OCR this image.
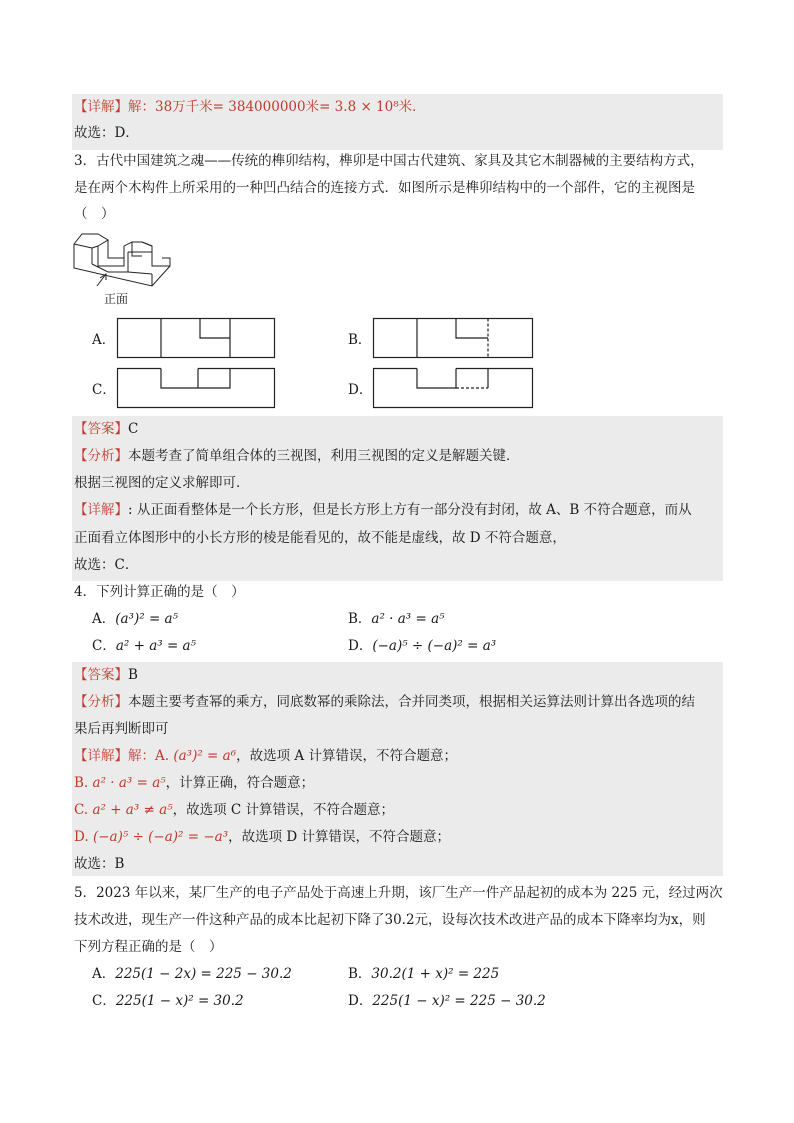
【详解】解：38万千米= 384000000米= 3.8 × 10⁸米．
故选：D．
3．古代中国建筑之魂——传统的榫卯结构，榫卯是中国古代建筑、家具及其它木制器械的主要结构方式，
是在两个木构件上所采用的一种凹凸结合的连接方式．如图所示是榫卯结构中的一个部件，它的主视图是
（　）
正面
A．	B．
C．	D．
【答案】C
【分析】本题考查了简单组合体的三视图，利用三视图的定义是解题关键．
根据三视图的定义求解即可．
【详解】: 从正面看整体是一个长方形，但是长方形上方有一部分没有封闭，故 A、B 不符合题意，而从
正面看立体图形中的小长方形的棱是能看见的，故不能是虚线，故 D 不符合题意，
故选：C．
4．下列计算正确的是（　）
A．(a³)² = a⁵	B．a² · a³ = a⁵
C．a² + a³ = a⁵	D．(−a)⁵ ÷ (−a)² = a³
【答案】B
【分析】本题主要考查幂的乘方，同底数幂的乘除法，合并同类项，根据相关运算法则计算出各选项的结
果后再判断即可
【详解】解：A. (a³)² = a⁶，故选项 A 计算错误，不符合题意；
B. a² · a³ = a⁵，计算正确，符合题意；
C. a² + a³ ≠ a⁵，故选项 C 计算错误，不符合题意；
D. (−a)⁵ ÷ (−a)² = −a³，故选项 D 计算错误，不符合题意；
故选：B
5．2023 年以来，某厂生产的电子产品处于高速上升期，该厂生产一件产品起初的成本为 225 元，经过两次
技术改进，现生产一件这种产品的成本比起初下降了30.2元，设每次技术改进产品的成本下降率均为x，则
下列方程正确的是（　）
A．225(1 − 2x) = 225 − 30.2	B．30.2(1 + x)² = 225
C．225(1 − x)² = 30.2	D．225(1 − x)² = 225 − 30.2
